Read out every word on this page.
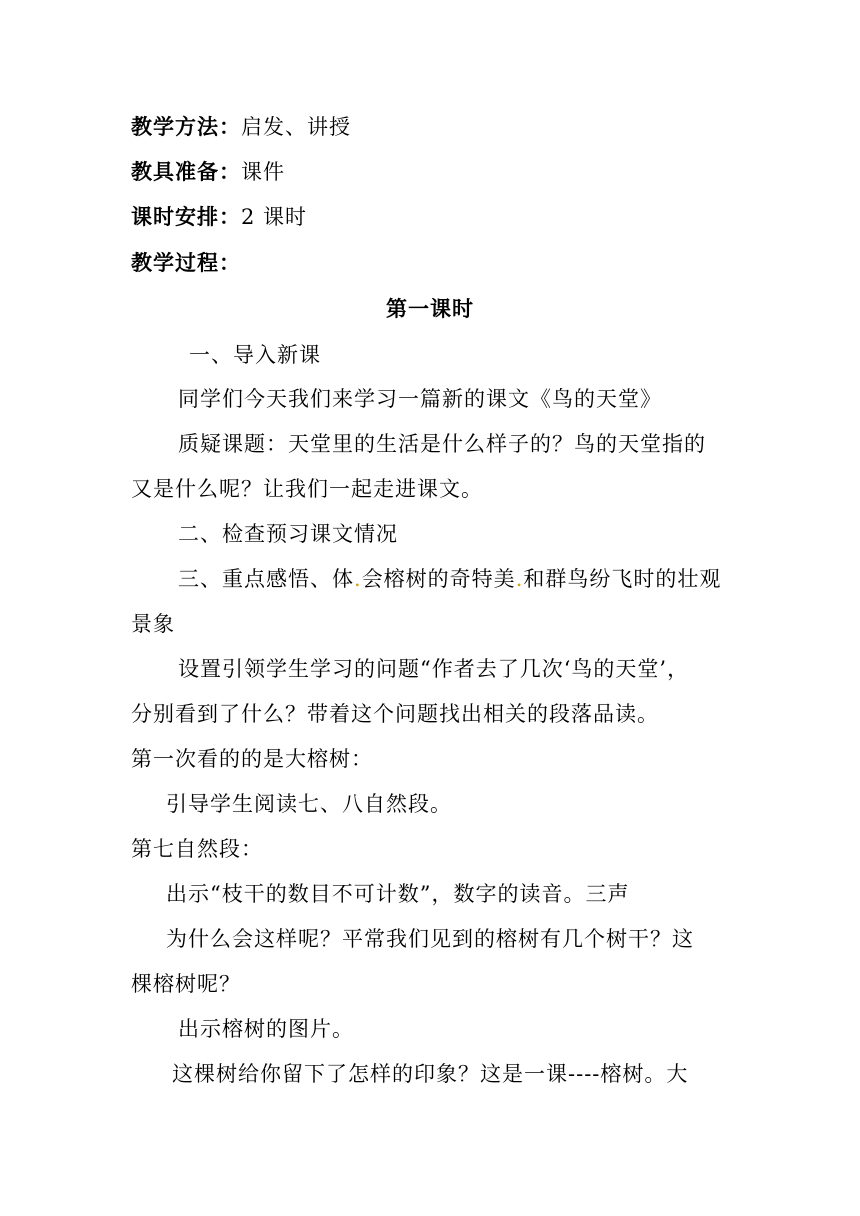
教学方法：启发、讲授
教具准备：课件
课时安排：2 课时
教学过程：
第一课时
一、导入新课
同学们今天我们来学习一篇新的课文《鸟的天堂》
质疑课题：天堂里的生活是什么样子的？鸟的天堂指的
又是什么呢？让我们一起走进课文。
二、检查预习课文情况
三、重点感悟、体.会榕树的奇特美.和群鸟纷飞时的壮观
景象
设置引领学生学习的问题“作者去了几次‘鸟的天堂’，
分别看到了什么？带着这个问题找出相关的段落品读。
第一次看的的是大榕树：
引导学生阅读七、八自然段。
第七自然段：
出示“枝干的数目不可计数”，数字的读音。三声
为什么会这样呢？平常我们见到的榕树有几个树干？这
棵榕树呢？
出示榕树的图片。
这棵树给你留下了怎样的印象？这是一课----榕树。大
